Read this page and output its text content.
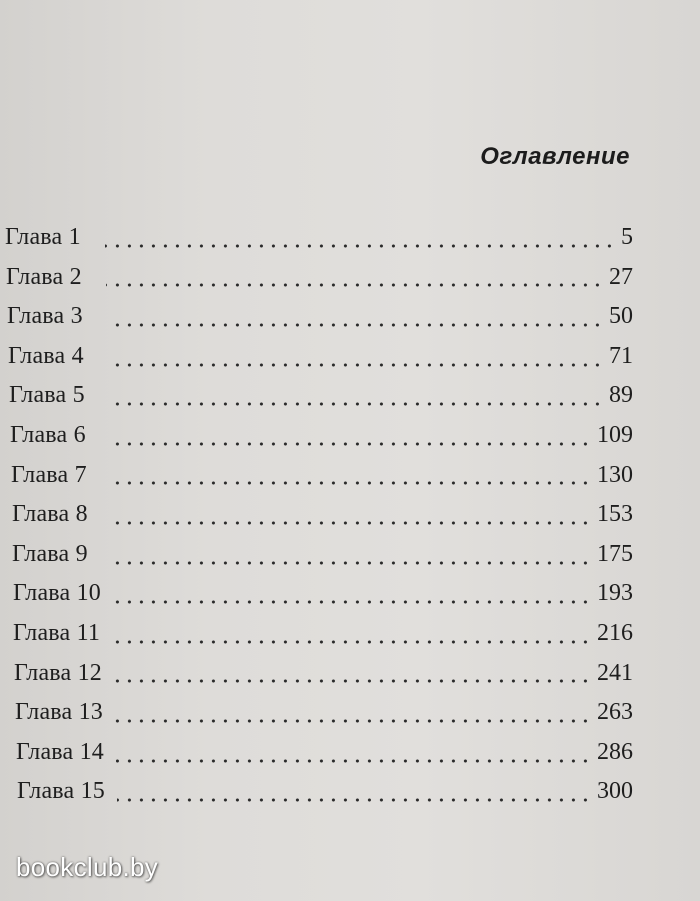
Оглавление
Глава 1	5
Глава 2	27
Глава 3	50
Глава 4	71
Глава 5	89
Глава 6	109
Глава 7	130
Глава 8	153
Глава 9	175
Глава 10	193
Глава 11	216
Глава 12	241
Глава 13	263
Глава 14	286
Глава 15	300
bookclub.by
